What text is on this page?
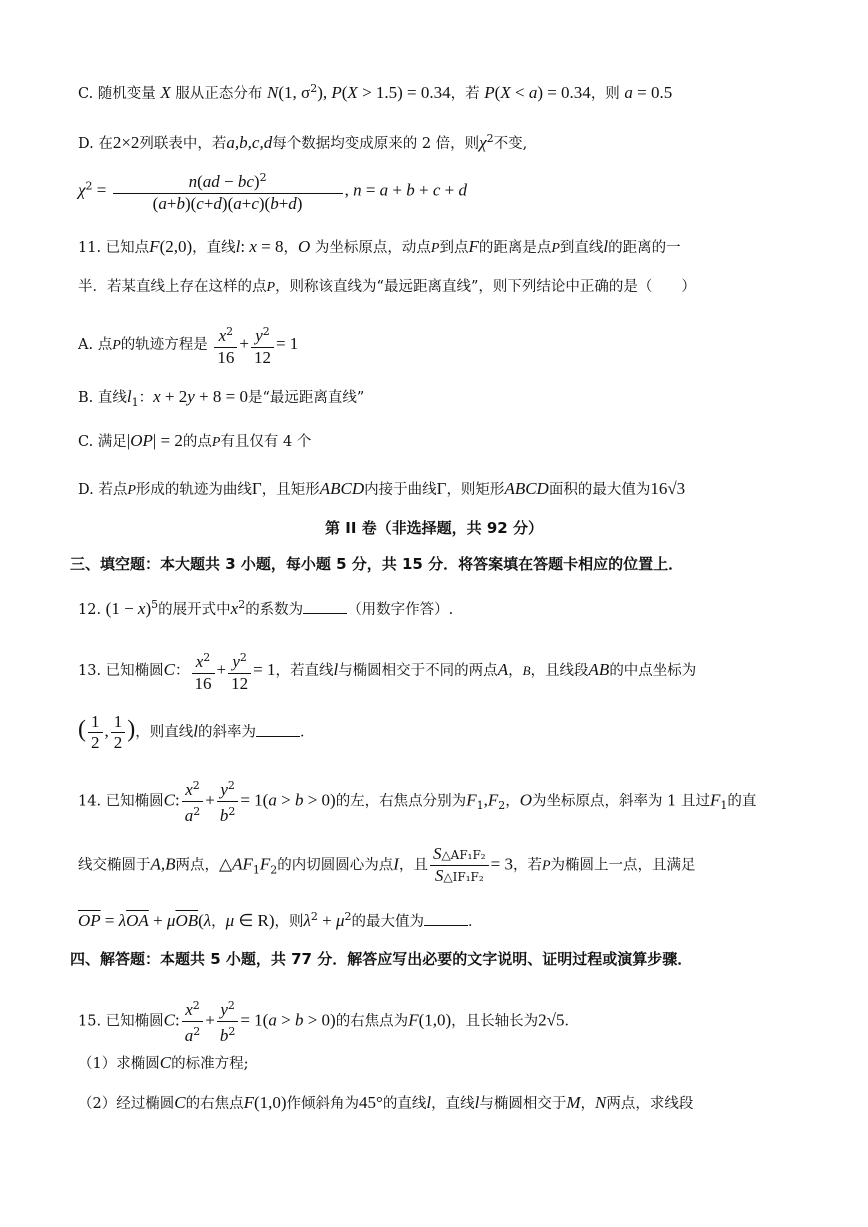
C. 随机变量 X 服从正态分布 N(1, $\sigma^2$), P(X > 1.5) = 0.34，若 P(X < a) = 0.34，则 a = 0.5
D. 在2×2列联表中，若a,b,c,d每个数据均变成原来的 2 倍，则$\chi^2$不变,
$\chi^2 = \frac{n(ad - bc)^2}{(a+b)(c+d)(a+c)(b+d)}$ , n = a + b + c + d
11. 已知点F(2,0)，直线l: x = 8，O 为坐标原点，动点P到点F的距离是点P到直线l的距离的一
半．若某直线上存在这样的点P，则称该直线为“最远距离直线”，则下列结论中正确的是（　　）
A. 点P的轨迹方程是 $\frac{x^2}{16} + \frac{y^2}{12} = 1$
B. 直线$l_1$：x + 2y + 8 = 0是“最远距离直线”
C. 满足|OP| = 2的点P有且仅有 4 个
D. 若点P形成的轨迹为曲线Γ，且矩形ABCD内接于曲线Γ，则矩形ABCD面积的最大值为16√3
第 II 卷（非选择题，共 92 分）
三、填空题：本大题共 3 小题，每小题 5 分，共 15 分．将答案填在答题卡相应的位置上．
12. $(1 - x)^5$的展开式中$x^2$的系数为	（用数字作答）.
13. 已知椭圆C： $\frac{x^2}{16} + \frac{y^2}{12} = 1$，若直线l与椭圆相交于不同的两点A，B，且线段AB的中点坐标为
( $\frac{1}{2}$ , $\frac{1}{2}$ )，则直线l的斜率为	．
14. 已知椭圆C: $\frac{x^2}{a^2} + \frac{y^2}{b^2} = 1(a > b > 0)$的左，右焦点分别为$F_1,F_2$，O为坐标原点，斜率为 1 且过$F_1$的直
线交椭圆于A,B两点，$\triangle AF_1F_2$的内切圆圆心为点I，且 $\frac{\text{S△AF₁F₂}}{\text{S△IF₁F₂}} = 3$，若P为椭圆上一点，且满足
$\overline{OP} = \lambda\overline{OA} + \mu\overline{OB}(\lambda$，μ ∈ R)，则$\lambda^2 + \mu^2$的最大值为	．
四、解答题：本题共 5 小题，共 77 分．解答应写出必要的文字说明、证明过程或演算步骤．
15. 已知椭圆C: $\frac{x^2}{a^2} + \frac{y^2}{b^2} = 1(a > b > 0)$的右焦点为F(1,0)，且长轴长为2√5．
（1）求椭圆C的标准方程;
（2）经过椭圆C的右焦点F(1,0)作倾斜角为45°的直线l，直线l与椭圆相交于M，N两点，求线段
